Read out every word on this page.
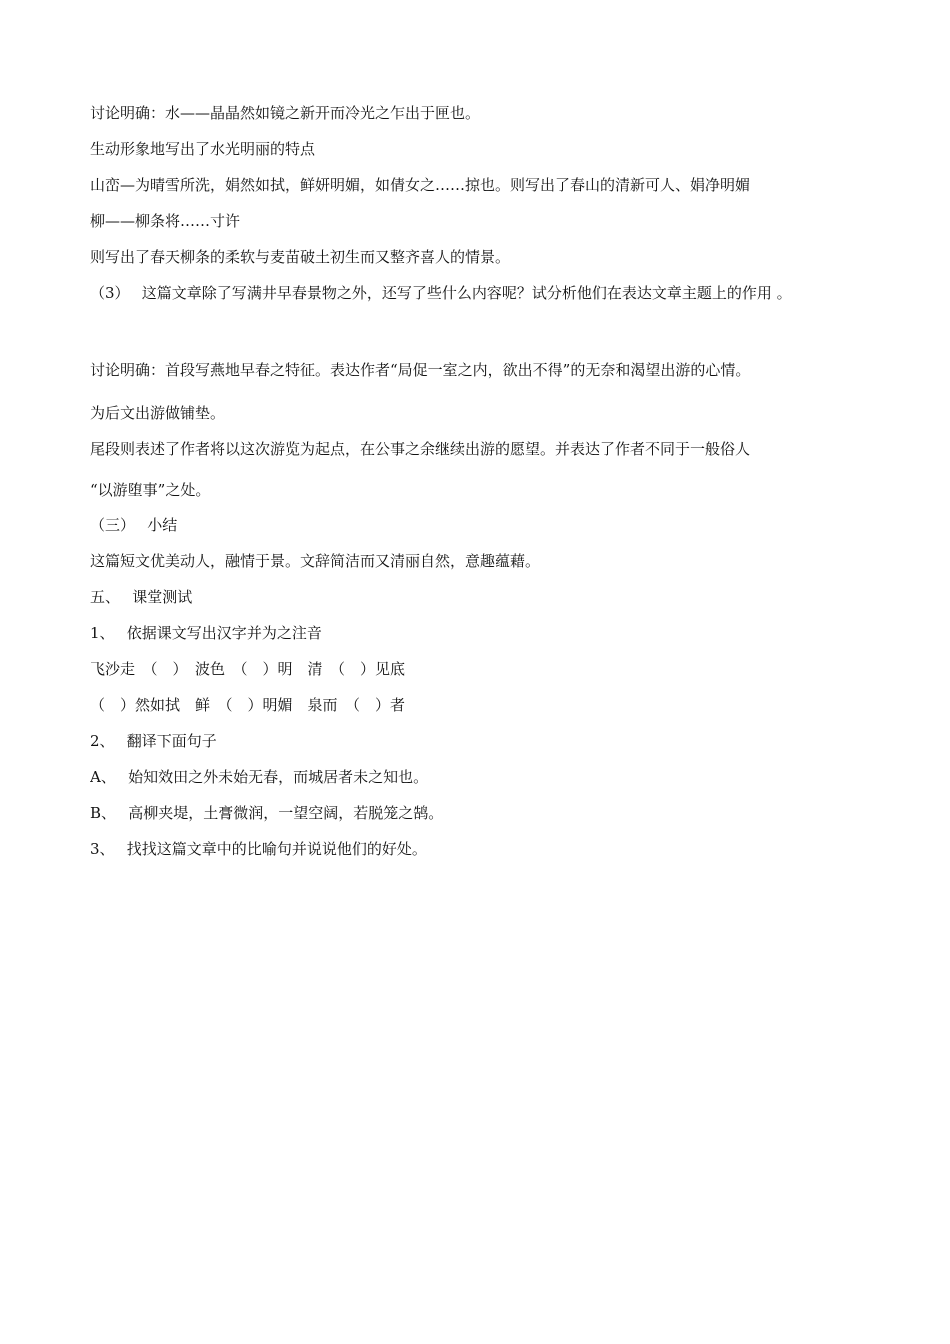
讨论明确：水——晶晶然如镜之新开而冷光之乍出于匣也。
生动形象地写出了水光明丽的特点
山峦—为晴雪所洗，娟然如拭，鲜妍明媚，如倩女之……掠也。则写出了春山的清新可人、娟净明媚
柳——柳条将……寸许
则写出了春天柳条的柔软与麦苗破土初生而又整齐喜人的情景。
（3）　 这篇文章除了写满井早春景物之外，还写了些什么内容呢？试分析他们在表达文章主题上的作用 。
讨论明确：首段写燕地早春之特征。表达作者“局促一室之内，欲出不得”的无奈和渴望出游的心情。
为后文出游做铺垫。
尾段则表述了作者将以这次游览为起点，在公事之余继续出游的愿望。并表达了作者不同于一般俗人
“以游堕事”之处。
（三）　 小结
这篇短文优美动人，融情于景。文辞简洁而又清丽自然，意趣蕴藉。
五、　 课堂测试
1、　 依据课文写出汉字并为之注音
飞沙走　（　）　波色　（　）明　清　（　）见底
（　）然如拭　鲜　（　）明媚　泉而　（　）者
2、　 翻译下面句子
A、　 始知效田之外未始无春，而城居者未之知也。
B、　 高柳夹堤，土膏微润，一望空阔，若脱笼之鹄。
3、　 找找这篇文章中的比喻句并说说他们的好处。
